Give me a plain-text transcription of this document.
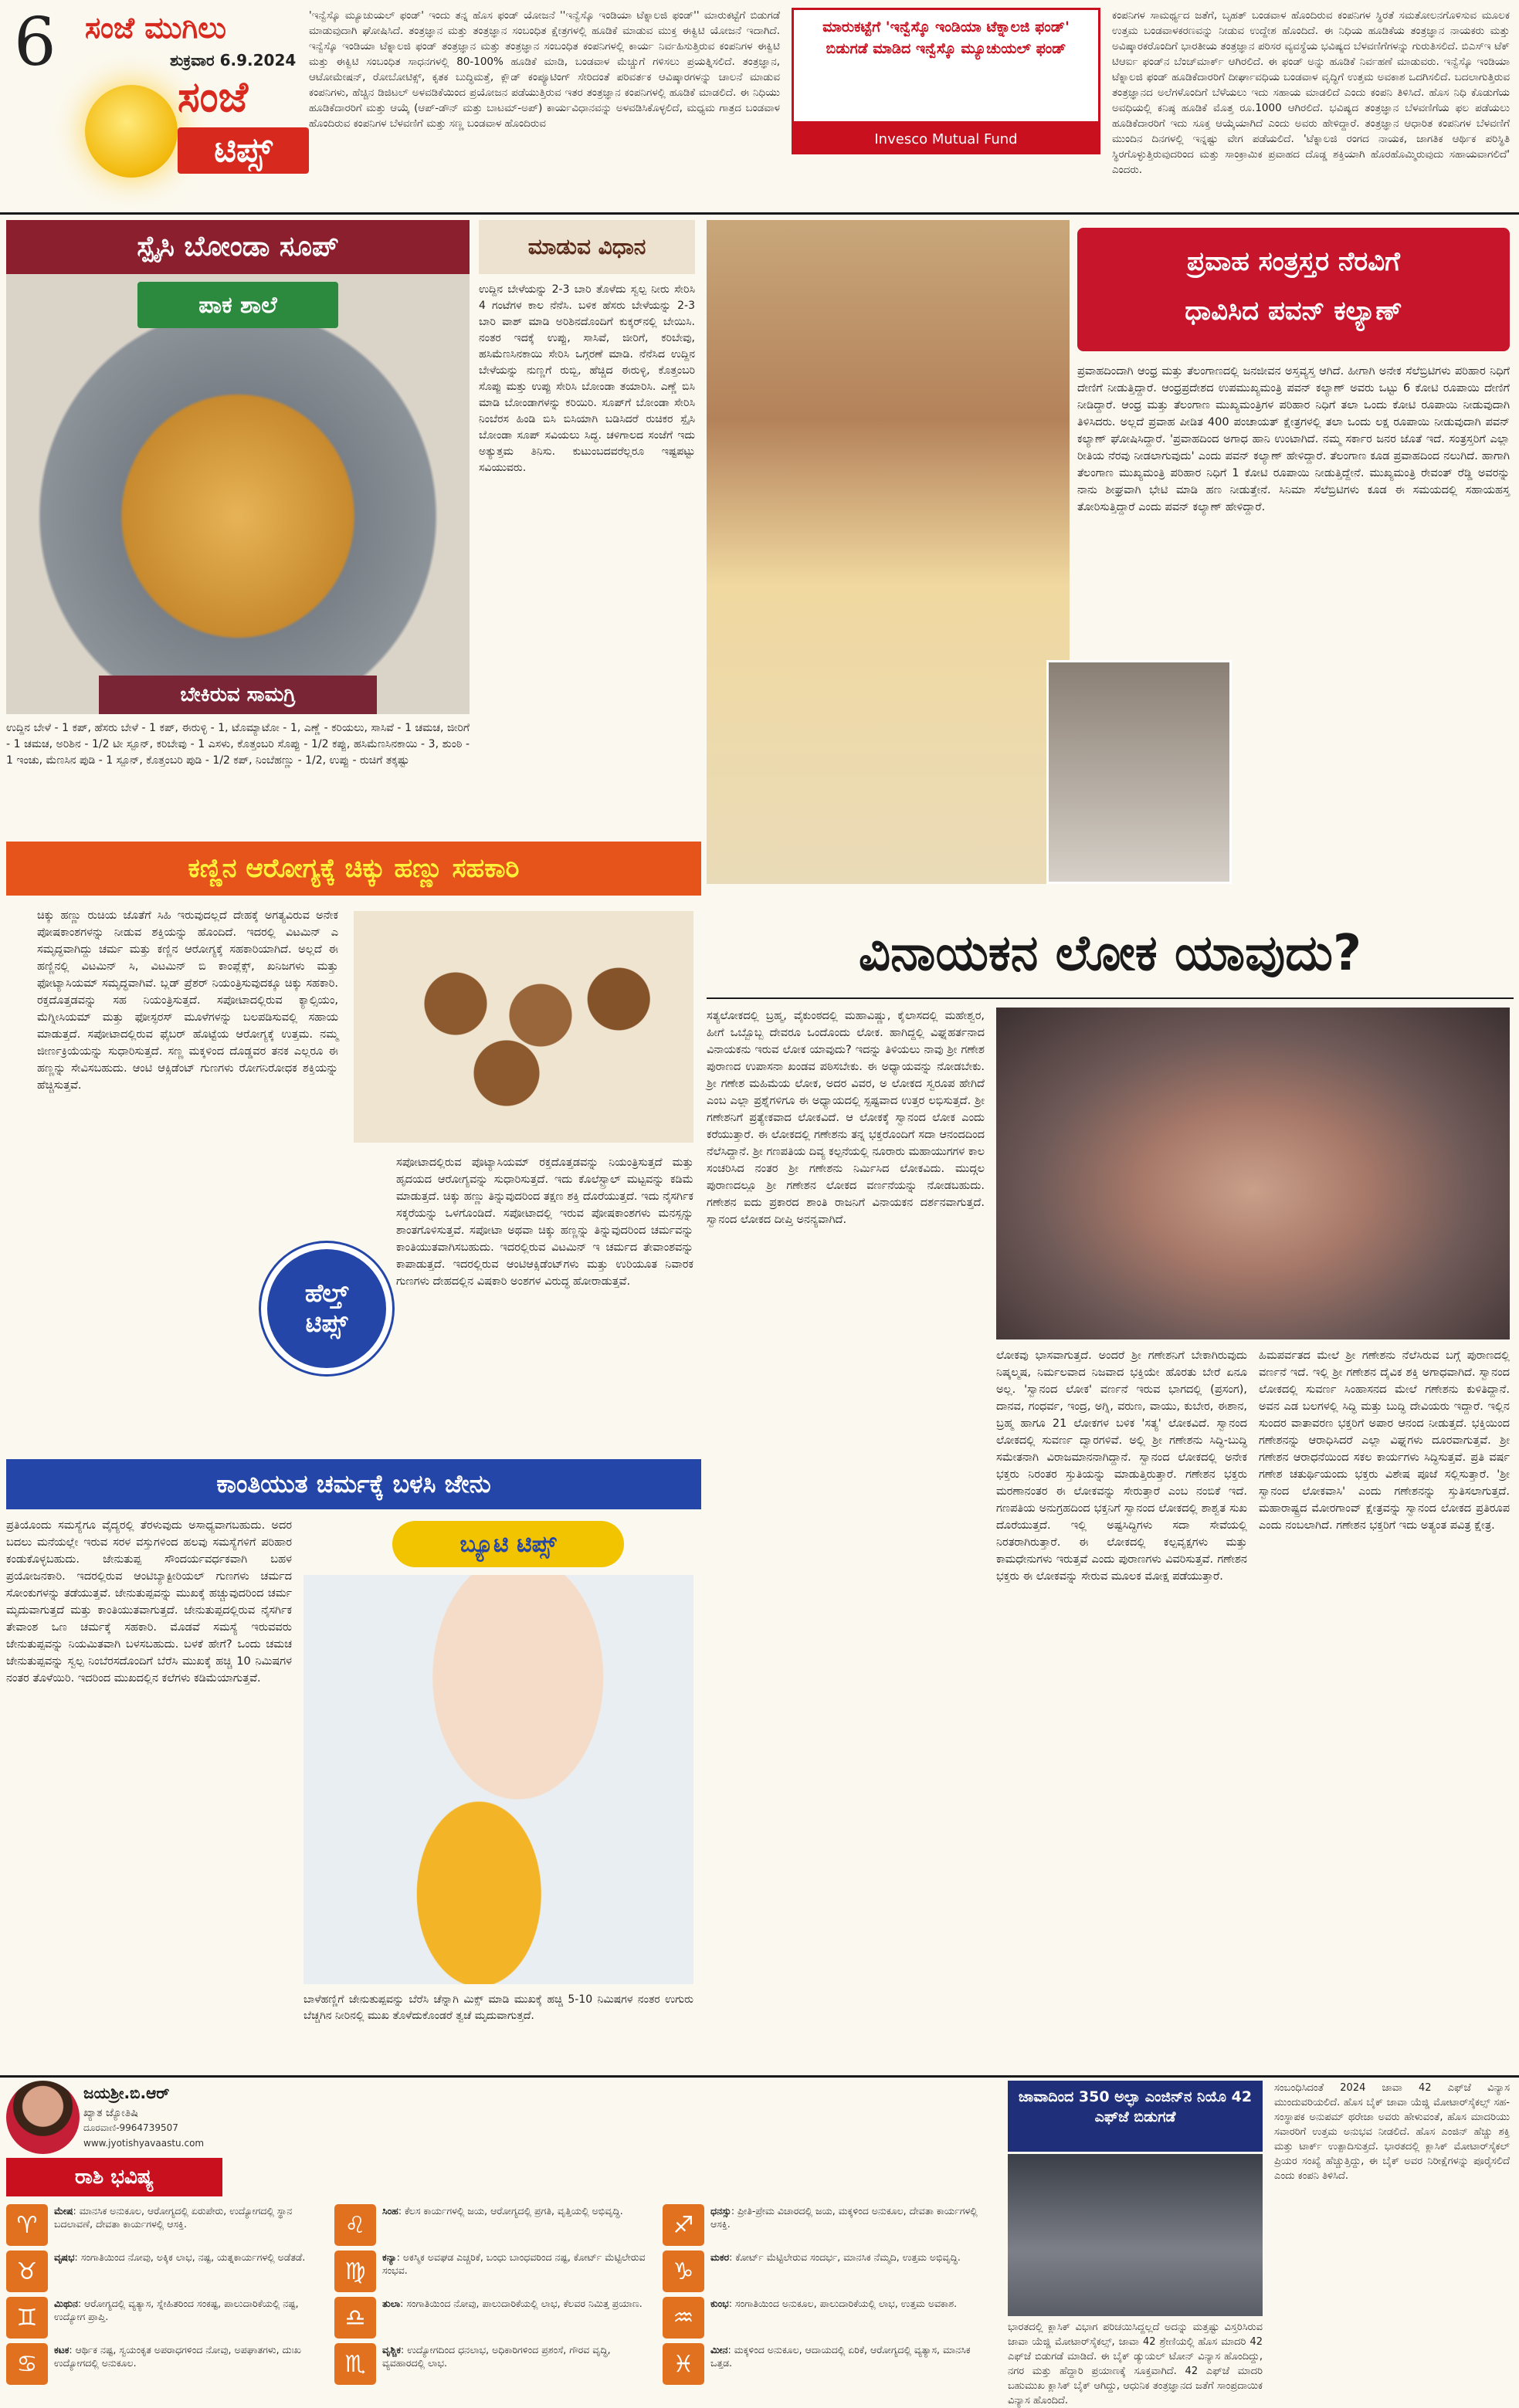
6 ಸಂಜೆ ಮುಗಿಲು
ಶುಕ್ರವಾರ 6.9.2024
ಸಂಜೆ
ಟಿಪ್ಸ್
'ಇನ್ವೆಸ್ಕೊ ಮ್ಯೂಚುಯಲ್ ಫಂಡ್' ಇಂದು ತನ್ನ ಹೊಸ ಫಂಡ್ ಯೋಜನೆ ''ಇನ್ವೆಸ್ಕೊ ಇಂಡಿಯಾ ಟೆಕ್ನಾಲಜಿ ಫಂಡ್'' ಮಾರುಕಟ್ಟೆಗೆ ಬಿಡುಗಡೆ ಮಾಡುವುದಾಗಿ ಘೋಷಿಸಿದೆ. ತಂತ್ರಜ್ಞಾನ ಮತ್ತು ತಂತ್ರಜ್ಞಾನ ಸಂಬಂಧಿತ ಕ್ಷೇತ್ರಗಳಲ್ಲಿ ಹೂಡಿಕೆ ಮಾಡುವ ಮುಕ್ತ ಈಕ್ವಿಟಿ ಯೋಜನೆ ಇದಾಗಿದೆ. ಇನ್ವೆಸ್ಕೊ ಇಂಡಿಯಾ ಟೆಕ್ನಾಲಜಿ ಫಂಡ್ ತಂತ್ರಜ್ಞಾನ ಮತ್ತು ತಂತ್ರಜ್ಞಾನ ಸಂಬಂಧಿತ ಕಂಪನಿಗಳಲ್ಲಿ ಕಾರ್ಯ ನಿರ್ವಹಿಸುತ್ತಿರುವ ಕಂಪನಿಗಳ ಈಕ್ವಿಟಿ ಮತ್ತು ಈಕ್ವಿಟಿ ಸಂಬಂಧಿತ ಸಾಧನಗಳಲ್ಲಿ 80-100% ಹೂಡಿಕೆ ಮಾಡಿ, ಬಂಡವಾಳ ಮೆಚ್ಚುಗೆ ಗಳಿಸಲು ಪ್ರಯತ್ನಿಸಲಿದೆ. ತಂತ್ರಜ್ಞಾನ, ಆಟೋಮೇಷನ್, ರೋಬೋಟಿಕ್ಸ್, ಕೃತಕ ಬುದ್ಧಿಮತ್ತೆ, ಕ್ಲೌಡ್ ಕಂಪ್ಯೂಟಿಂಗ್ ಸೇರಿದಂತೆ ಪರಿವರ್ತಕ ಆವಿಷ್ಕಾರಗಳನ್ನು ಚಾಲನೆ ಮಾಡುವ ಕಂಪನಿಗಳು, ಹೆಚ್ಚಿನ ಡಿಜಿಟಲ್ ಅಳವಡಿಕೆಯಿಂದ ಪ್ರಯೋಜನ ಪಡೆಯುತ್ತಿರುವ ಇತರ ತಂತ್ರಜ್ಞಾನ ಕಂಪನಿಗಳಲ್ಲಿ ಹೂಡಿಕೆ ಮಾಡಲಿದೆ. ಈ ನಿಧಿಯು ಹೂಡಿಕೆದಾರರಿಗೆ ಮತ್ತು ಆಯ್ಕೆ (ಆಪ್-ಡೌನ್ ಮತ್ತು ಬಾಟಮ್-ಅಪ್) ಕಾರ್ಯವಿಧಾನವನ್ನು ಅಳವಡಿಸಿಕೊಳ್ಳಲಿದೆ, ಮಧ್ಯಮ ಗಾತ್ರದ ಬಂಡವಾಳ ಹೊಂದಿರುವ ಕಂಪನಿಗಳ ಬೆಳವಣಿಗೆ ಮತ್ತು ಸಣ್ಣ ಬಂಡವಾಳ ಹೊಂದಿರುವ
ಮಾರುಕಟ್ಟೆಗೆ 'ಇನ್ವೆಸ್ಕೊ ಇಂಡಿಯಾ ಟೆಕ್ನಾಲಜಿ ಫಂಡ್' ಬಿಡುಗಡೆ ಮಾಡಿದ ಇನ್ವೆಸ್ಕೊ ಮ್ಯೂಚುಯಲ್ ಫಂಡ್
Invesco Mutual Fund
ಕಂಪನಿಗಳ ಸಾಮರ್ಥ್ಯದ ಜತೆಗೆ, ಬೃಹತ್ ಬಂಡವಾಳ ಹೊಂದಿರುವ ಕಂಪನಿಗಳ ಸ್ಥಿರತೆ ಸಮತೋಲನಗೊಳಿಸುವ ಮೂಲಕ ಉತ್ತಮ ಬಂಡವಾಳಕರಣವನ್ನು ನೀಡುವ ಉದ್ದೇಶ ಹೊಂದಿದೆ. ಈ ನಿಧಿಯ ಹೂಡಿಕೆಯ ತಂತ್ರಜ್ಞಾನ ನಾಯಕರು ಮತ್ತು ಅವಿಷ್ಕಾರಕರೊಂದಿಗೆ ಭಾರತೀಯ ತಂತ್ರಜ್ಞಾನ ಪರಿಸರ ವ್ಯವಸ್ಥೆಯ ಭವಿಷ್ಯದ ಬೆಳವಣಿಗೆಗಳನ್ನು ಗುರುತಿಸಲಿದೆ. ಬಿಎಸ್ಇ ಟೆಕ್ ಟಿಆರ್ಐ ಫಂಡ್‌ನ ಬೆಂಚ್‌ಮಾರ್ಕ್ ಆಗಿರಲಿದೆ. ಈ ಫಂಡ್ ಅನ್ನು ಹೂಡಿಕೆ ನಿರ್ವಹಣೆ ಮಾಡುವರು. ಇನ್ವೆಸ್ಕೊ ಇಂಡಿಯಾ ಟೆಕ್ನಾಲಜಿ ಫಂಡ್ ಹೂಡಿಕೆದಾರರಿಗೆ ದೀರ್ಘಾವಧಿಯ ಬಂಡವಾಳ ವೃದ್ಧಿಗೆ ಉತ್ತಮ ಅವಕಾಶ ಒದಗಿಸಲಿದೆ. ಬದಲಾಗುತ್ತಿರುವ ತಂತ್ರಜ್ಞಾನದ ಅಲೆಗಳೊಂದಿಗೆ ಬೆಳೆಯಲು ಇದು ಸಹಾಯ ಮಾಡಲಿದೆ ಎಂದು ಕಂಪನಿ ತಿಳಿಸಿದೆ. ಹೊಸ ನಿಧಿ ಕೊಡುಗೆಯ ಅವಧಿಯಲ್ಲಿ ಕನಿಷ್ಠ ಹೂಡಿಕೆ ಮೊತ್ತ ರೂ.1000 ಆಗಿರಲಿದೆ. ಭವಿಷ್ಯದ ತಂತ್ರಜ್ಞಾನ ಬೆಳವಣಿಗೆಯ ಫಲ ಪಡೆಯಲು ಹೂಡಿಕೆದಾರರಿಗೆ ಇದು ಸೂಕ್ತ ಆಯ್ಕೆಯಾಗಿದೆ ಎಂದು ಅವರು ಹೇಳಿದ್ದಾರೆ. ತಂತ್ರಜ್ಞಾನ ಆಧಾರಿತ ಕಂಪನಿಗಳ ಬೆಳವಣಿಗೆ ಮುಂದಿನ ದಿನಗಳಲ್ಲಿ ಇನ್ನಷ್ಟು ವೇಗ ಪಡೆಯಲಿದೆ. 'ಟೆಕ್ನಾಲಜಿ ರಂಗದ ನಾಯಕ, ಜಾಗತಿಕ ಆರ್ಥಿಕ ಪರಿಸ್ಥಿತಿ ಸ್ಥಿರಗೊಳ್ಳುತ್ತಿರುವುದರಿಂದ ಮತ್ತು ಸಾಂಕ್ರಾಮಿಕ ಪ್ರವಾಹದ ದೊಡ್ಡ ಶಕ್ತಿಯಾಗಿ ಹೊರಹೊಮ್ಮಿರುವುದು ಸಹಾಯವಾಗಲಿದೆ' ಎಂದರು.
ಸ್ಪೈಸಿ ಬೋಂಡಾ ಸೂಪ್
ಪಾಕ ಶಾಲೆ
ಬೇಕಿರುವ ಸಾಮಗ್ರಿ
ಉದ್ದಿನ ಬೇಳೆ - 1 ಕಪ್, ಹೆಸರು ಬೇಳೆ - 1 ಕಪ್, ಈರುಳ್ಳಿ - 1, ಟೊಮ್ಯಾಟೋ - 1, ಎಣ್ಣೆ - ಕರಿಯಲು, ಸಾಸಿವೆ - 1 ಚಮಚ, ಜೀರಿಗೆ - 1 ಚಮಚ, ಅರಿಶಿನ - 1/2 ಟೀ ಸ್ಪೂನ್, ಕರಿಬೇವು - 1 ಎಸಳು, ಕೊತ್ತಂಬರಿ ಸೊಪ್ಪು - 1/2 ಕಪ್ಪು, ಹಸಿಮೆಣಸಿನಕಾಯಿ - 3, ಶುಂಠಿ - 1 ಇಂಚು, ಮೆಣಸಿನ ಪುಡಿ - 1 ಸ್ಪೂನ್, ಕೊತ್ತಂಬರಿ ಪುಡಿ - 1/2 ಕಪ್, ನಿಂಬೆಹಣ್ಣು - 1/2, ಉಪ್ಪು - ರುಚಿಗೆ ತಕ್ಕಷ್ಟು
ಮಾಡುವ ವಿಧಾನ
ಉದ್ದಿನ ಬೇಳೆಯನ್ನು 2-3 ಬಾರಿ ತೊಳೆದು ಸ್ವಲ್ಪ ನೀರು ಸೇರಿಸಿ 4 ಗಂಟೆಗಳ ಕಾಲ ನೆನೆಸಿ. ಬಳಿಕ ಹೆಸರು ಬೇಳೆಯನ್ನು 2-3 ಬಾರಿ ವಾಶ್ ಮಾಡಿ ಅರಿಶಿನದೊಂದಿಗೆ ಕುಕ್ಕರ್‌ನಲ್ಲಿ ಬೇಯಿಸಿ. ನಂತರ ಇದಕ್ಕೆ ಉಪ್ಪು, ಸಾಸಿವೆ, ಜೀರಿಗೆ, ಕರಿಬೇವು, ಹಸಿಮೆಣಸಿನಕಾಯಿ ಸೇರಿಸಿ ಒಗ್ಗರಣೆ ಮಾಡಿ. ನೆನೆಸಿದ ಉದ್ದಿನ ಬೇಳೆಯನ್ನು ನುಣ್ಣಗೆ ರುಬ್ಬಿ, ಹೆಚ್ಚಿದ ಈರುಳ್ಳಿ, ಕೊತ್ತಂಬರಿ ಸೊಪ್ಪು ಮತ್ತು ಉಪ್ಪು ಸೇರಿಸಿ ಬೋಂಡಾ ತಯಾರಿಸಿ. ಎಣ್ಣೆ ಬಿಸಿ ಮಾಡಿ ಬೋಂಡಾಗಳನ್ನು ಕರಿಯಿರಿ. ಸೂಪ್‌ಗೆ ಬೋಂಡಾ ಸೇರಿಸಿ ನಿಂಬೆರಸ ಹಿಂಡಿ ಬಿಸಿ ಬಿಸಿಯಾಗಿ ಬಡಿಸಿದರೆ ರುಚಿಕರ ಸ್ಪೈಸಿ ಬೋಂಡಾ ಸೂಪ್ ಸವಿಯಲು ಸಿದ್ಧ. ಚಳಿಗಾಲದ ಸಂಜೆಗೆ ಇದು ಅತ್ಯುತ್ತಮ ತಿನಿಸು. ಕುಟುಂಬದವರೆಲ್ಲರೂ ಇಷ್ಟಪಟ್ಟು ಸವಿಯುವರು.
ಪ್ರವಾಹ ಸಂತ್ರಸ್ತರ ನೆರವಿಗೆ
ಧಾವಿಸಿದ ಪವನ್ ಕಲ್ಯಾಣ್
ಪ್ರವಾಹದಿಂದಾಗಿ ಆಂಧ್ರ ಮತ್ತು ತೆಲಂಗಾಣದಲ್ಲಿ ಜನಜೀವನ ಅಸ್ತವ್ಯಸ್ತ ಆಗಿದೆ. ಹೀಗಾಗಿ ಅನೇಕ ಸೆಲೆಬ್ರಿಟಿಗಳು ಪರಿಹಾರ ನಿಧಿಗೆ ದೇಣಿಗೆ ನೀಡುತ್ತಿದ್ದಾರೆ. ಆಂಧ್ರಪ್ರದೇಶದ ಉಪಮುಖ್ಯಮಂತ್ರಿ ಪವನ್ ಕಲ್ಯಾಣ್ ಅವರು ಒಟ್ಟು 6 ಕೋಟಿ ರೂಪಾಯಿ ದೇಣಿಗೆ ನೀಡಿದ್ದಾರೆ. ಆಂಧ್ರ ಮತ್ತು ತೆಲಂಗಾಣ ಮುಖ್ಯಮಂತ್ರಿಗಳ ಪರಿಹಾರ ನಿಧಿಗೆ ತಲಾ ಒಂದು ಕೋಟಿ ರೂಪಾಯಿ ನೀಡುವುದಾಗಿ ತಿಳಿಸಿದರು. ಅಲ್ಲದೆ ಪ್ರವಾಹ ಪೀಡಿತ 400 ಪಂಚಾಯತ್ ಕ್ಷೇತ್ರಗಳಲ್ಲಿ ತಲಾ ಒಂದು ಲಕ್ಷ ರೂಪಾಯಿ ನೀಡುವುದಾಗಿ ಪವನ್ ಕಲ್ಯಾಣ್ ಘೋಷಿಸಿದ್ದಾರೆ. 'ಪ್ರವಾಹದಿಂದ ಅಗಾಧ ಹಾನಿ ಉಂಟಾಗಿದೆ. ನಮ್ಮ ಸರ್ಕಾರ ಜನರ ಜೊತೆ ಇದೆ. ಸಂತ್ರಸ್ತರಿಗೆ ಎಲ್ಲಾ ರೀತಿಯ ನೆರವು ನೀಡಲಾಗುವುದು' ಎಂದು ಪವನ್ ಕಲ್ಯಾಣ್ ಹೇಳಿದ್ದಾರೆ. ತೆಲಂಗಾಣ ಕೂಡ ಪ್ರವಾಹದಿಂದ ನಲುಗಿದೆ. ಹಾಗಾಗಿ ತೆಲಂಗಾಣ ಮುಖ್ಯಮಂತ್ರಿ ಪರಿಹಾರ ನಿಧಿಗೆ 1 ಕೋಟಿ ರೂಪಾಯಿ ನೀಡುತ್ತಿದ್ದೇನೆ. ಮುಖ್ಯಮಂತ್ರಿ ರೇವಂತ್ ರೆಡ್ಡಿ ಅವರನ್ನು ನಾನು ಶೀಘ್ರವಾಗಿ ಭೇಟಿ ಮಾಡಿ ಹಣ ನೀಡುತ್ತೇನೆ. ಸಿನಿಮಾ ಸೆಲೆಬ್ರಿಟಿಗಳು ಕೂಡ ಈ ಸಮಯದಲ್ಲಿ ಸಹಾಯಹಸ್ತ ತೋರಿಸುತ್ತಿದ್ದಾರೆ ಎಂದು ಪವನ್ ಕಲ್ಯಾಣ್ ಹೇಳಿದ್ದಾರೆ.
ಕಣ್ಣಿನ ಆರೋಗ್ಯಕ್ಕೆ ಚಿಕ್ಕು ಹಣ್ಣು ಸಹಕಾರಿ
ಚಿಕ್ಕು ಹಣ್ಣು ರುಚಿಯ ಜೊತೆಗೆ ಸಿಹಿ ಇರುವುದಲ್ಲದೆ ದೇಹಕ್ಕೆ ಅಗತ್ಯವಿರುವ ಅನೇಕ ಪೋಷಕಾಂಶಗಳನ್ನು ನೀಡುವ ಶಕ್ತಿಯನ್ನು ಹೊಂದಿದೆ. ಇದರಲ್ಲಿ ವಿಟಮಿನ್ ಎ ಸಮೃದ್ಧವಾಗಿದ್ದು ಚರ್ಮ ಮತ್ತು ಕಣ್ಣಿನ ಆರೋಗ್ಯಕ್ಕೆ ಸಹಕಾರಿಯಾಗಿದೆ. ಅಲ್ಲದೆ ಈ ಹಣ್ಣಿನಲ್ಲಿ ವಿಟಮಿನ್ ಸಿ, ವಿಟಮಿನ್ ಬಿ ಕಾಂಪ್ಲೆಕ್ಸ್, ಖನಿಜಗಳು ಮತ್ತು ಫೋಟ್ಯಾಸಿಯಮ್ ಸಮೃದ್ಧವಾಗಿವೆ. ಬ್ಲಡ್ ಪ್ರೆಶರ್ ನಿಯಂತ್ರಿಸುವುದಕ್ಕೂ ಚಿಕ್ಕು ಸಹಕಾರಿ. ರಕ್ತದೊತ್ತಡವನ್ನು ಸಹ ನಿಯಂತ್ರಿಸುತ್ತದೆ. ಸಪೋಟಾದಲ್ಲಿರುವ ಕ್ಯಾಲ್ಸಿಯಂ, ಮೆಗ್ನೀಸಿಯಮ್ ಮತ್ತು ಫೋಸ್ಫರಸ್ ಮೂಳೆಗಳನ್ನು ಬಲಪಡಿಸುವಲ್ಲಿ ಸಹಾಯ ಮಾಡುತ್ತದೆ. ಸಪೋಟಾದಲ್ಲಿರುವ ಫೈಬರ್ ಹೊಟ್ಟೆಯ ಆರೋಗ್ಯಕ್ಕೆ ಉತ್ತಮ. ನಮ್ಮ ಜೀರ್ಣಕ್ರಿಯೆಯನ್ನು ಸುಧಾರಿಸುತ್ತದೆ. ಸಣ್ಣ ಮಕ್ಕಳಿಂದ ದೊಡ್ಡವರ ತನಕ ಎಲ್ಲರೂ ಈ ಹಣ್ಣನ್ನು ಸೇವಿಸಬಹುದು. ಆಂಟಿ ಆಕ್ಸಿಡೆಂಟ್ ಗುಣಗಳು ರೋಗನಿರೋಧಕ ಶಕ್ತಿಯನ್ನು ಹೆಚ್ಚಿಸುತ್ತವೆ.
ಹೆಲ್ತ್
ಟಿಪ್ಸ್
ಸಪೋಟಾದಲ್ಲಿರುವ ಪೊಟ್ಯಾಸಿಯಮ್ ರಕ್ತದೊತ್ತಡವನ್ನು ನಿಯಂತ್ರಿಸುತ್ತದೆ ಮತ್ತು ಹೃದಯದ ಆರೋಗ್ಯವನ್ನು ಸುಧಾರಿಸುತ್ತದೆ. ಇದು ಕೊಲೆಸ್ಟ್ರಾಲ್ ಮಟ್ಟವನ್ನು ಕಡಿಮೆ ಮಾಡುತ್ತದೆ. ಚಿಕ್ಕು ಹಣ್ಣು ತಿನ್ನುವುದರಿಂದ ತಕ್ಷಣ ಶಕ್ತಿ ದೊರೆಯುತ್ತದೆ. ಇದು ನೈಸರ್ಗಿಕ ಸಕ್ಕರೆಯನ್ನು ಒಳಗೊಂಡಿದೆ. ಸಪೋಟಾದಲ್ಲಿ ಇರುವ ಪೋಷಕಾಂಶಗಳು ಮನಸ್ಸನ್ನು ಶಾಂತಗೊಳಿಸುತ್ತವೆ. ಸಪೋಟಾ ಅಥವಾ ಚಿಕ್ಕು ಹಣ್ಣನ್ನು ತಿನ್ನುವುದರಿಂದ ಚರ್ಮವನ್ನು ಕಾಂತಿಯುತವಾಗಿಸಬಹುದು. ಇದರಲ್ಲಿರುವ ವಿಟಮಿನ್ ಇ ಚರ್ಮದ ತೇವಾಂಶವನ್ನು ಕಾಪಾಡುತ್ತದೆ. ಇದರಲ್ಲಿರುವ ಆಂಟಿಆಕ್ಸಿಡೆಂಟ್‌ಗಳು ಮತ್ತು ಉರಿಯೂತ ನಿವಾರಕ ಗುಣಗಳು ದೇಹದಲ್ಲಿನ ವಿಷಕಾರಿ ಅಂಶಗಳ ವಿರುದ್ಧ ಹೋರಾಡುತ್ತವೆ.
ವಿನಾಯಕನ ಲೋಕ ಯಾವುದು?
ಸತ್ಯಲೋಕದಲ್ಲಿ ಬ್ರಹ್ಮ, ವೈಕುಂಠದಲ್ಲಿ ಮಹಾವಿಷ್ಣು, ಕೈಲಾಸದಲ್ಲಿ ಮಹೇಶ್ವರ, ಹೀಗೆ ಒಬ್ಬೊಬ್ಬ ದೇವರೂ ಒಂದೊಂದು ಲೋಕ. ಹಾಗಿದ್ದಲ್ಲಿ ವಿಘ್ನಹರ್ತನಾದ ವಿನಾಯಕನು ಇರುವ ಲೋಕ ಯಾವುದು? ಇದನ್ನು ತಿಳಿಯಲು ನಾವು ಶ್ರೀ ಗಣೇಶ ಪುರಾಣದ ಉಪಾಸನಾ ಖಂಡವ ಪಠಿಸಬೇಕು. ಈ ಅಧ್ಯಾಯವನ್ನು ನೋಡಬೇಕು. ಶ್ರೀ ಗಣೇಶ ಮಹಿಮೆಯ ಲೋಕ, ಅದರ ವಿವರ, ಅ ಲೋಕದ ಸ್ವರೂಪ ಹೇಗಿದೆ ಎಂಬ ಎಲ್ಲಾ ಪ್ರಶ್ನೆಗಳಿಗೂ ಈ ಅಧ್ಯಾಯದಲ್ಲಿ ಸ್ಪಷ್ಟವಾದ ಉತ್ತರ ಲಭಿಸುತ್ತದೆ. ಶ್ರೀ ಗಣೇಶನಿಗೆ ಪ್ರತ್ಯೇಕವಾದ ಲೋಕವಿದೆ. ಆ ಲೋಕಕ್ಕೆ ಸ್ವಾನಂದ ಲೋಕ ಎಂದು ಕರೆಯುತ್ತಾರೆ. ಈ ಲೋಕದಲ್ಲಿ ಗಣೇಶನು ತನ್ನ ಭಕ್ತರೊಂದಿಗೆ ಸದಾ ಆನಂದದಿಂದ ನೆಲೆಸಿದ್ದಾನೆ. ಶ್ರೀ ಗಣಪತಿಯ ದಿವ್ಯ ಕಲ್ಪನೆಯಲ್ಲಿ ನೂರಾರು ಮಹಾಯುಗಗಳ ಕಾಲ ಸಂಚರಿಸಿದ ನಂತರ ಶ್ರೀ ಗಣೇಶನು ನಿರ್ಮಿಸಿದ ಲೋಕವಿದು. ಮುದ್ಗಲ ಪುರಾಣದಲ್ಲೂ ಶ್ರೀ ಗಣೇಶನ ಲೋಕದ ವರ್ಣನೆಯನ್ನು ನೋಡಬಹುದು. ಗಣೇಶನ ಐದು ಪ್ರಕಾರದ ಶಾಂತಿ ರಾಜನಿಗೆ ವಿನಾಯಕನ ದರ್ಶನವಾಗುತ್ತದೆ. ಸ್ವಾನಂದ ಲೋಕದ ದೀಪ್ತಿ ಅನನ್ಯವಾಗಿದೆ.
ಲೋಕವು ಭಾಸವಾಗುತ್ತದೆ. ಅಂದರೆ ಶ್ರೀ ಗಣೇಶನಿಗೆ ಬೇಕಾಗಿರುವುದು ನಿಷ್ಕಲ್ಮಷ, ನಿರ್ಮಲವಾದ ನಿಜವಾದ ಭಕ್ತಿಯೇ ಹೊರತು ಬೇರೆ ಏನೂ ಅಲ್ಲ. 'ಸ್ವಾನಂದ ಲೋಕ' ವರ್ಣನೆ ಇರುವ ಭಾಗದಲ್ಲಿ (ಪ್ರಸಂಗ), ದಾನವ, ಗಂಧರ್ವ, ಇಂದ್ರ, ಅಗ್ನಿ, ವರುಣ, ವಾಯು, ಕುಬೇರ, ಈಶಾನ, ಬ್ರಹ್ಮ ಹಾಗೂ 21 ಲೋಕಗಳ ಬಳಿಕ 'ಸತ್ಯ' ಲೋಕವಿದೆ. ಸ್ವಾನಂದ ಲೋಕದಲ್ಲಿ ಸುವರ್ಣ ದ್ವಾರಗಳಿವೆ. ಅಲ್ಲಿ ಶ್ರೀ ಗಣೇಶನು ಸಿದ್ಧಿ-ಬುದ್ಧಿ ಸಮೇತನಾಗಿ ವಿರಾಜಮಾನನಾಗಿದ್ದಾನೆ. ಸ್ವಾನಂದ ಲೋಕದಲ್ಲಿ ಅನೇಕ ಭಕ್ತರು ನಿರಂತರ ಸ್ತುತಿಯನ್ನು ಮಾಡುತ್ತಿರುತ್ತಾರೆ. ಗಣೇಶನ ಭಕ್ತರು ಮರಣಾನಂತರ ಈ ಲೋಕವನ್ನು ಸೇರುತ್ತಾರೆ ಎಂಬ ನಂಬಿಕೆ ಇದೆ. ಗಣಪತಿಯ ಅನುಗ್ರಹದಿಂದ ಭಕ್ತನಿಗೆ ಸ್ವಾನಂದ ಲೋಕದಲ್ಲಿ ಶಾಶ್ವತ ಸುಖ ದೊರೆಯುತ್ತದೆ. ಇಲ್ಲಿ ಅಷ್ಟಸಿದ್ಧಿಗಳು ಸದಾ ಸೇವೆಯಲ್ಲಿ ನಿರತರಾಗಿರುತ್ತಾರೆ. ಈ ಲೋಕದಲ್ಲಿ ಕಲ್ಪವೃಕ್ಷಗಳು ಮತ್ತು ಕಾಮಧೇನುಗಳು ಇರುತ್ತವೆ ಎಂದು ಪುರಾಣಗಳು ವಿವರಿಸುತ್ತವೆ. ಗಣೇಶನ ಭಕ್ತರು ಈ ಲೋಕವನ್ನು ಸೇರುವ ಮೂಲಕ ಮೋಕ್ಷ ಪಡೆಯುತ್ತಾರೆ.
ಹಿಮಪರ್ವತದ ಮೇಲೆ ಶ್ರೀ ಗಣೇಶನು ನೆಲೆಸಿರುವ ಬಗ್ಗೆ ಪುರಾಣದಲ್ಲಿ ವರ್ಣನೆ ಇದೆ. ಇಲ್ಲಿ ಶ್ರೀ ಗಣೇಶನ ದೈವಿಕ ಶಕ್ತಿ ಅಗಾಧವಾಗಿದೆ. ಸ್ವಾನಂದ ಲೋಕದಲ್ಲಿ ಸುವರ್ಣ ಸಿಂಹಾಸನದ ಮೇಲೆ ಗಣೇಶನು ಕುಳಿತಿದ್ದಾನೆ. ಅವನ ಎಡ ಬಲಗಳಲ್ಲಿ ಸಿದ್ಧಿ ಮತ್ತು ಬುದ್ಧಿ ದೇವಿಯರು ಇದ್ದಾರೆ. ಇಲ್ಲಿನ ಸುಂದರ ವಾತಾವರಣ ಭಕ್ತರಿಗೆ ಅಪಾರ ಆನಂದ ನೀಡುತ್ತದೆ. ಭಕ್ತಿಯಿಂದ ಗಣೇಶನನ್ನು ಆರಾಧಿಸಿದರೆ ಎಲ್ಲಾ ವಿಘ್ನಗಳು ದೂರವಾಗುತ್ತವೆ. ಶ್ರೀ ಗಣೇಶನ ಆರಾಧನೆಯಿಂದ ಸಕಲ ಕಾರ್ಯಗಳು ಸಿದ್ಧಿಸುತ್ತವೆ. ಪ್ರತಿ ವರ್ಷ ಗಣೇಶ ಚತುರ್ಥಿಯಂದು ಭಕ್ತರು ವಿಶೇಷ ಪೂಜೆ ಸಲ್ಲಿಸುತ್ತಾರೆ. 'ಶ್ರೀ ಸ್ವಾನಂದ ಲೋಕವಾಸಿ' ಎಂದು ಗಣೇಶನನ್ನು ಸ್ತುತಿಸಲಾಗುತ್ತದೆ. ಮಹಾರಾಷ್ಟ್ರದ ಮೋರಗಾಂವ್ ಕ್ಷೇತ್ರವನ್ನು ಸ್ವಾನಂದ ಲೋಕದ ಪ್ರತಿರೂಪ ಎಂದು ನಂಬಲಾಗಿದೆ. ಗಣೇಶನ ಭಕ್ತರಿಗೆ ಇದು ಅತ್ಯಂತ ಪವಿತ್ರ ಕ್ಷೇತ್ರ.
ಕಾಂತಿಯುತ ಚರ್ಮಕ್ಕೆ ಬಳಸಿ ಜೇನು
ಪ್ರತಿಯೊಂದು ಸಮಸ್ಯೆಗೂ ವೈದ್ಯರಲ್ಲಿ ತೆರಳುವುದು ಅಸಾಧ್ಯವಾಗಬಹುದು. ಅದರ ಬದಲು ಮನೆಯಲ್ಲೇ ಇರುವ ಸರಳ ವಸ್ತುಗಳಿಂದ ಹಲವು ಸಮಸ್ಯೆಗಳಿಗೆ ಪರಿಹಾರ ಕಂಡುಕೊಳ್ಳಬಹುದು. ಜೇನುತುಪ್ಪ ಸೌಂದರ್ಯವರ್ಧಕವಾಗಿ ಬಹಳ ಪ್ರಯೋಜನಕಾರಿ. ಇದರಲ್ಲಿರುವ ಆಂಟಿಬ್ಯಾಕ್ಟೀರಿಯಲ್ ಗುಣಗಳು ಚರ್ಮದ ಸೋಂಕುಗಳನ್ನು ತಡೆಯುತ್ತವೆ. ಜೇನುತುಪ್ಪವನ್ನು ಮುಖಕ್ಕೆ ಹಚ್ಚುವುದರಿಂದ ಚರ್ಮ ಮೃದುವಾಗುತ್ತದೆ ಮತ್ತು ಕಾಂತಿಯುತವಾಗುತ್ತದೆ. ಜೇನುತುಪ್ಪದಲ್ಲಿರುವ ನೈಸರ್ಗಿಕ ತೇವಾಂಶ ಒಣ ಚರ್ಮಕ್ಕೆ ಸಹಕಾರಿ. ಮೊಡವೆ ಸಮಸ್ಯೆ ಇರುವವರು ಜೇನುತುಪ್ಪವನ್ನು ನಿಯಮಿತವಾಗಿ ಬಳಸಬಹುದು. ಬಳಕೆ ಹೇಗೆ? ಒಂದು ಚಮಚ ಜೇನುತುಪ್ಪವನ್ನು ಸ್ವಲ್ಪ ನಿಂಬೆರಸದೊಂದಿಗೆ ಬೆರೆಸಿ ಮುಖಕ್ಕೆ ಹಚ್ಚಿ 10 ನಿಮಿಷಗಳ ನಂತರ ತೊಳೆಯಿರಿ. ಇದರಿಂದ ಮುಖದಲ್ಲಿನ ಕಲೆಗಳು ಕಡಿಮೆಯಾಗುತ್ತವೆ.
ಬ್ಯೂಟಿ ಟಿಪ್ಸ್
ಬಾಳೆಹಣ್ಣಿಗೆ ಜೇನುತುಪ್ಪವನ್ನು ಬೆರೆಸಿ ಚೆನ್ನಾಗಿ ಮಿಕ್ಸ್ ಮಾಡಿ ಮುಖಕ್ಕೆ ಹಚ್ಚಿ 5-10 ನಿಮಿಷಗಳ ನಂತರ ಉಗುರು ಬೆಚ್ಚಗಿನ ನೀರಿನಲ್ಲಿ ಮುಖ ತೊಳೆದುಕೊಂಡರೆ ತ್ವಚೆ ಮೃದುವಾಗುತ್ತದೆ.
ಜಯಶ್ರೀ.ಬಿ.ಆರ್
ಖ್ಯಾತ ಜ್ಯೋತಿಷಿ
ದೂರವಾಣಿ-9964739507
www.jyotishyavaastu.com
ರಾಶಿ ಭವಿಷ್ಯ
♈
ಮೇಷ: ಮಾನಸಿಕ ಅನುಕೂಲ, ಆರೋಗ್ಯದಲ್ಲಿ ಏರುಪೇರು, ಉದ್ಯೋಗದಲ್ಲಿ ಸ್ಥಾನ ಬದಲಾವಣೆ, ದೇವತಾ ಕಾರ್ಯಗಳಲ್ಲಿ ಆಸಕ್ತಿ.
♉
ವೃಷಭ: ಸಂಗಾತಿಯಿಂದ ನೋವು, ಅಕ್ಕಿಕ ಲಾಭ, ನಷ್ಟ, ಯತ್ನಕಾರ್ಯಗಳಲ್ಲಿ ಅಡೆತಡೆ.
♊
ಮಿಥುನ: ಆರೋಗ್ಯದಲ್ಲಿ ವ್ಯತ್ಯಾಸ, ಸ್ನೇಹಿತರಿಂದ ಸಂಕಷ್ಟ, ಪಾಲುದಾರಿಕೆಯಲ್ಲಿ ನಷ್ಟ, ಉದ್ಯೋಗ ಪ್ರಾಪ್ತಿ.
♋
ಕಟಕ: ಆರ್ಥಿಕ ನಷ್ಟ, ಸ್ವಯಂಕೃತ ಅಪರಾಧಗಳಿಂದ ನೋವು, ಅಪಘಾತಗಳು, ದುಃಖ ಉದ್ಯೋಗದಲ್ಲಿ ಅನುಕೂಲ.
♌
ಸಿಂಹ: ಕೆಲಸ ಕಾರ್ಯಗಳಲ್ಲಿ ಜಯ, ಆರೋಗ್ಯದಲ್ಲಿ ಪ್ರಗತಿ, ವೃತ್ತಿಯಲ್ಲಿ ಅಭಿವೃದ್ಧಿ.
♍
ಕನ್ಯಾ: ಅಕಸ್ಮಿಕ ಅವಘಡ ಎಚ್ಚರಿಕೆ, ಬಂಧು ಬಾಂಧವರಿಂದ ನಷ್ಟ, ಕೋರ್ಟ್ ಮೆಟ್ಟಿಲೇರುವ ಸಂಭವ.
♎
ತುಲಾ: ಸಂಗಾತಿಯಿಂದ ನೋವು, ಪಾಲುದಾರಿಕೆಯಲ್ಲಿ ಲಾಭ, ಕೆಲವರ ನಿಮಿತ್ತ ಪ್ರಯಾಣ.
♏
ವೃಶ್ಚಿಕ: ಉದ್ಯೋಗದಿಂದ ಧನಲಾಭ, ಅಧಿಕಾರಿಗಳಿಂದ ಪ್ರಶಂಸೆ, ಗೌರವ ವೃದ್ಧಿ, ವ್ಯವಹಾರದಲ್ಲಿ ಲಾಭ.
♐
ಧನಸ್ಸು: ಪ್ರೀತಿ-ಪ್ರೇಮ ವಿಚಾರದಲ್ಲಿ ಜಯ, ಮಕ್ಕಳಿಂದ ಅನುಕೂಲ, ದೇವತಾ ಕಾರ್ಯಗಳಲ್ಲಿ ಆಸಕ್ತಿ.
♑
ಮಕರ: ಕೋರ್ಟ್ ಮೆಟ್ಟಿಲೇರುವ ಸಂದರ್ಭ, ಮಾನಸಿಕ ನೆಮ್ಮದಿ, ಉತ್ತಮ ಅಭಿವೃದ್ಧಿ.
♒
ಕುಂಭ: ಸಂಗಾತಿಯಿಂದ ಅನುಕೂಲ, ಪಾಲುದಾರಿಕೆಯಲ್ಲಿ ಲಾಭ, ಉತ್ತಮ ಅವಕಾಶ.
♓
ಮೀನ: ಮಕ್ಕಳಿಂದ ಅನುಕೂಲ, ಆದಾಯದಲ್ಲಿ ಏರಿಕೆ, ಆರೋಗ್ಯದಲ್ಲಿ ವ್ಯತ್ಯಾಸ, ಮಾನಸಿಕ ಒತ್ತಡ.
ಜಾವಾದಿಂದ 350 ಅಲ್ಫಾ ಎಂಜಿನ್‌ನ ನಿಯೊ 42 ಎಫ್‌ಜೆ ಬಿಡುಗಡೆ
ಭಾರತದಲ್ಲಿ ಕ್ಲಾಸಿಕ್ ವಿಭಾಗ ಪರಿಚಯಿಸಿದ್ದಲ್ಲದೆ ಅದನ್ನು ಮತ್ತಷ್ಟು ವಿಸ್ತರಿಸಿರುವ ಜಾವಾ ಯೆಜ್ಡಿ ಮೋಟಾರ್‌ಸೈಕಲ್ಸ್, ಜಾವಾ 42 ಶ್ರೇಣಿಯಲ್ಲಿ ಹೊಸ ಮಾದರಿ 42 ಎಫ್‌ಜೆ ಬಿಡುಗಡೆ ಮಾಡಿದೆ. ಈ ಬೈಕ್ ಡ್ಯುಯಲ್ ಟೋನ್ ವಿನ್ಯಾಸ ಹೊಂದಿದ್ದು, ನಗರ ಮತ್ತು ಹೆದ್ದಾರಿ ಪ್ರಯಾಣಕ್ಕೆ ಸೂಕ್ತವಾಗಿದೆ. 42 ಎಫ್‌ಜೆ ಮಾದರಿ ಬಹುಮುಖ ಕ್ಲಾಸಿಕ್ ಬೈಕ್ ಆಗಿದ್ದು, ಆಧುನಿಕ ತಂತ್ರಜ್ಞಾನದ ಜತೆಗೆ ಸಾಂಪ್ರದಾಯಿಕ ವಿನ್ಯಾಸ ಹೊಂದಿದೆ.
ಸಂಬಂಧಿಸಿದಂತೆ 2024 ಜಾವಾ 42 ಎಫ್‌ಜೆ ವಿನ್ಯಾಸ ಮುಂದುವರಿಯಲಿದೆ. ಹೊಸ ಬೈಕ್ ಜಾವಾ ಯೆಜ್ಡಿ ಮೋಟಾರ್‌ಸೈಕಲ್ಸ್ ಸಹ-ಸಂಸ್ಥಾಪಕ ಅನುಪಮ್ ಥರೇಜಾ ಅವರು ಹೇಳುವಂತೆ, ಹೊಸ ಮಾದರಿಯು ಸವಾರರಿಗೆ ಉತ್ತಮ ಅನುಭವ ನೀಡಲಿದೆ. ಹೊಸ ಎಂಜಿನ್ ಹೆಚ್ಚು ಶಕ್ತಿ ಮತ್ತು ಟಾರ್ಕ್ ಉತ್ಪಾದಿಸುತ್ತದೆ. ಭಾರತದಲ್ಲಿ ಕ್ಲಾಸಿಕ್ ಮೋಟಾರ್‌ಸೈಕಲ್ ಪ್ರಿಯರ ಸಂಖ್ಯೆ ಹೆಚ್ಚುತ್ತಿದ್ದು, ಈ ಬೈಕ್ ಅವರ ನಿರೀಕ್ಷೆಗಳನ್ನು ಪೂರೈಸಲಿದೆ ಎಂದು ಕಂಪನಿ ತಿಳಿಸಿದೆ.
